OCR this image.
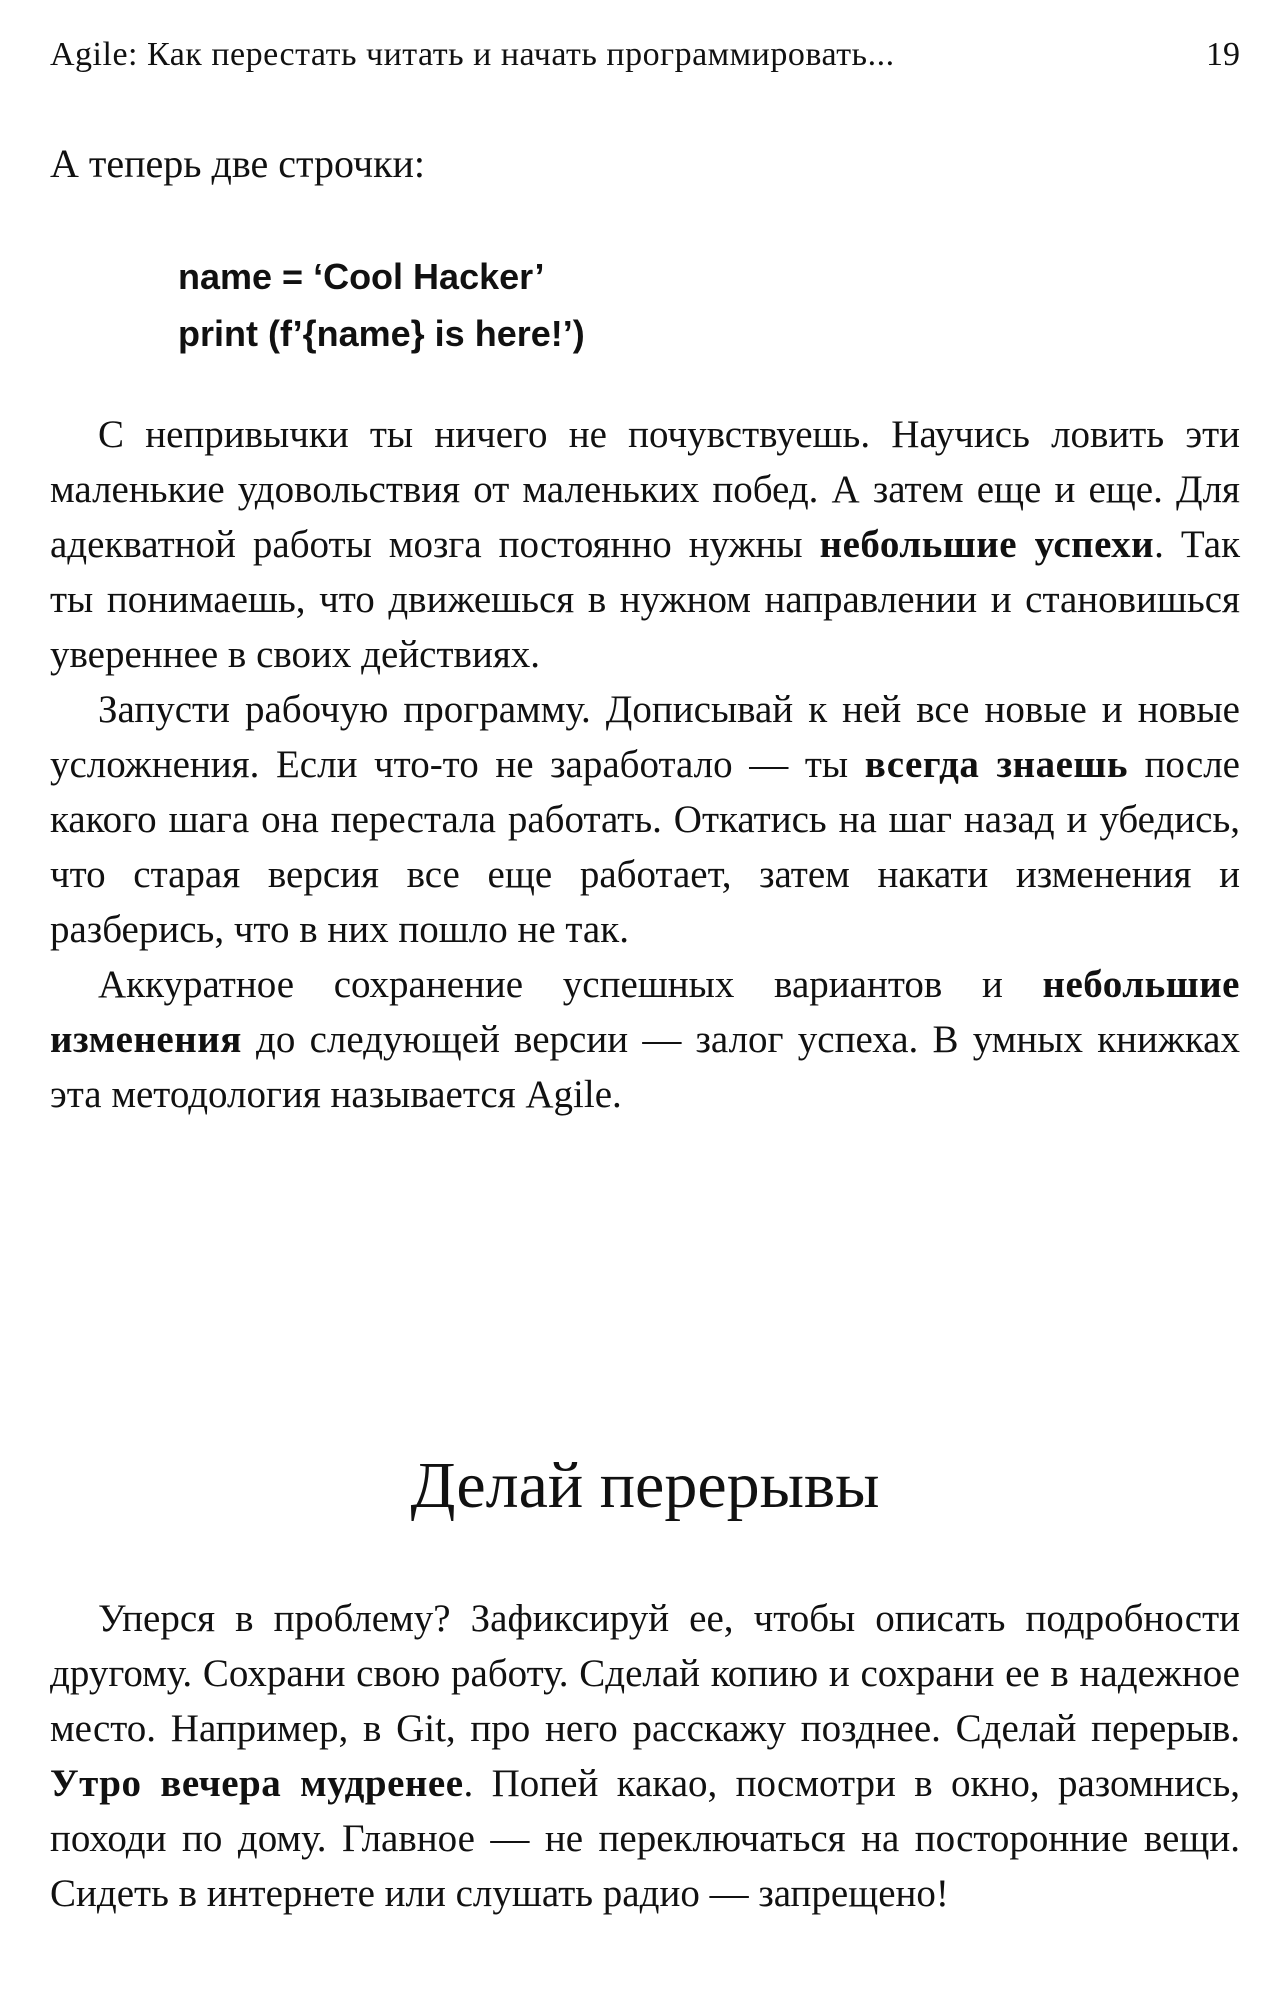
Agile: Как перестать читать и начать программировать...	19

А теперь две строчки:

name = ‘Cool Hacker’
print (f’{name} is here!’)

С непривычки ты ничего не почувствуешь. Научись ловить эти маленькие удовольствия от маленьких побед. А затем еще и еще. Для адекватной работы мозга постоянно нужны небольшие успехи. Так ты понимаешь, что движешься в нужном направлении и становишься увереннее в своих действиях.

Запусти рабочую программу. Дописывай к ней все новые и новые усложнения. Если что-то не заработало — ты всегда знаешь после какого шага она перестала работать. Откатись на шаг назад и убедись, что старая версия все еще работает, затем накати изменения и разберись, что в них пошло не так.

Аккуратное сохранение успешных вариантов и небольшие изменения до следующей версии — залог успеха. В умных книжках эта методология называется Agile.

Делай перерывы

Уперся в проблему? Зафиксируй ее, чтобы описать подробности другому. Сохрани свою работу. Сделай копию и сохрани ее в надежное место. Например, в Git, про него расскажу позднее. Сделай перерыв. Утро вечера мудренее. Попей какао, посмотри в окно, разомнись, походи по дому. Главное — не переключаться на посторонние вещи. Сидеть в интернете или слушать радио — запрещено!
